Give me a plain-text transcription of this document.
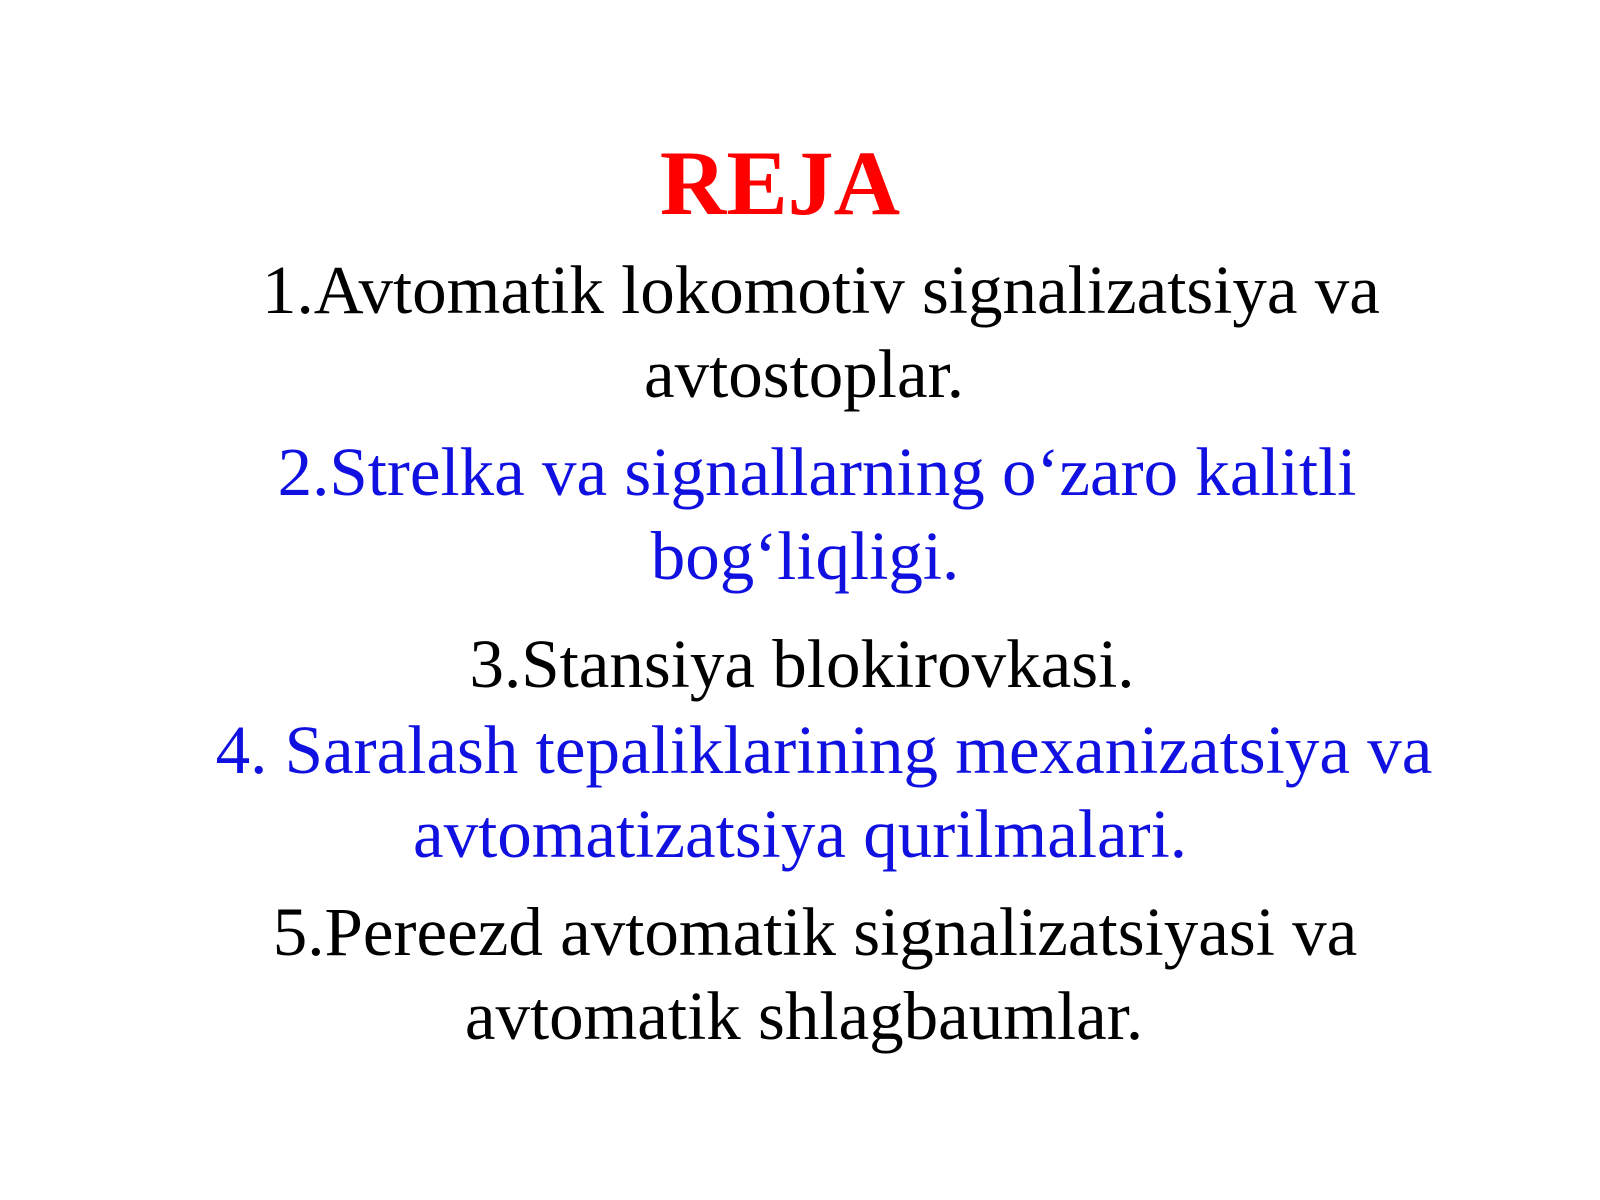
REJA
1.Avtomatik lokomotiv signalizatsiya va
avtostoplar.
2.Strelka va signallarning o‘zaro kalitli
bog‘liqligi.
3.Stansiya blokirovkasi.
4. Saralash tepaliklarining mexanizatsiya va
avtomatizatsiya qurilmalari.
5.Pereezd avtomatik signalizatsiyasi va
avtomatik shlagbaumlar.
